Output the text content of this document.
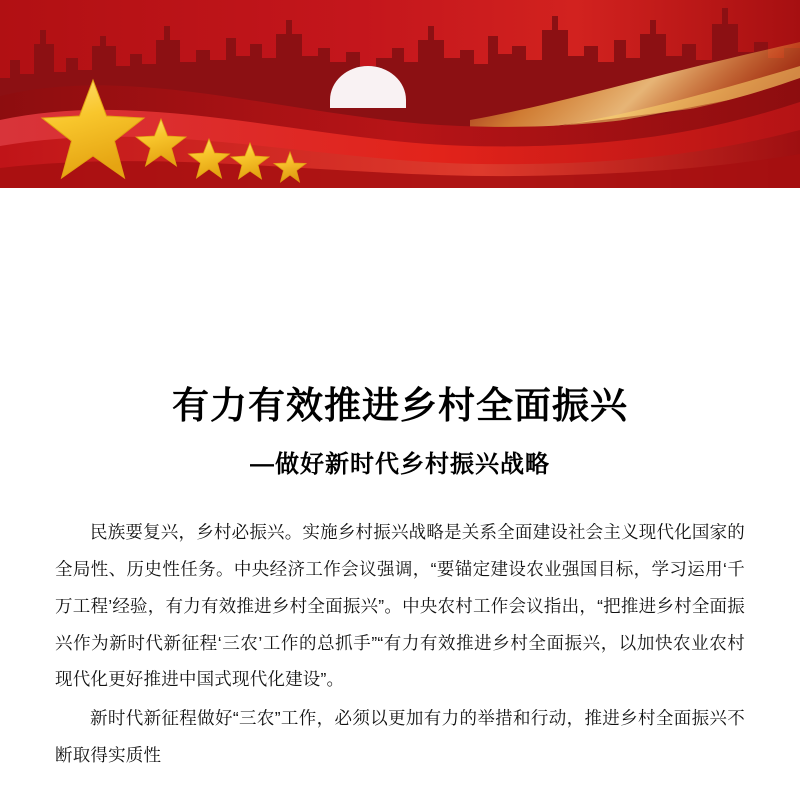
有力有效推进乡村全面振兴
—做好新时代乡村振兴战略

民族要复兴，乡村必振兴。实施乡村振兴战略是关系全面建设社会主义现代化国家的全局性、历史性任务。中央经济工作会议强调，“要锚定建设农业强国目标，学习运用‘千万工程’经验，有力有效推进乡村全面振兴”。中央农村工作会议指出，“把推进乡村全面振兴作为新时代新征程‘三农’工作的总抓手”“有力有效推进乡村全面振兴，以加快农业农村现代化更好推进中国式现代化建设”。

新时代新征程做好“三农”工作，必须以更加有力的举措和行动，推进乡村全面振兴不断取得实质性
